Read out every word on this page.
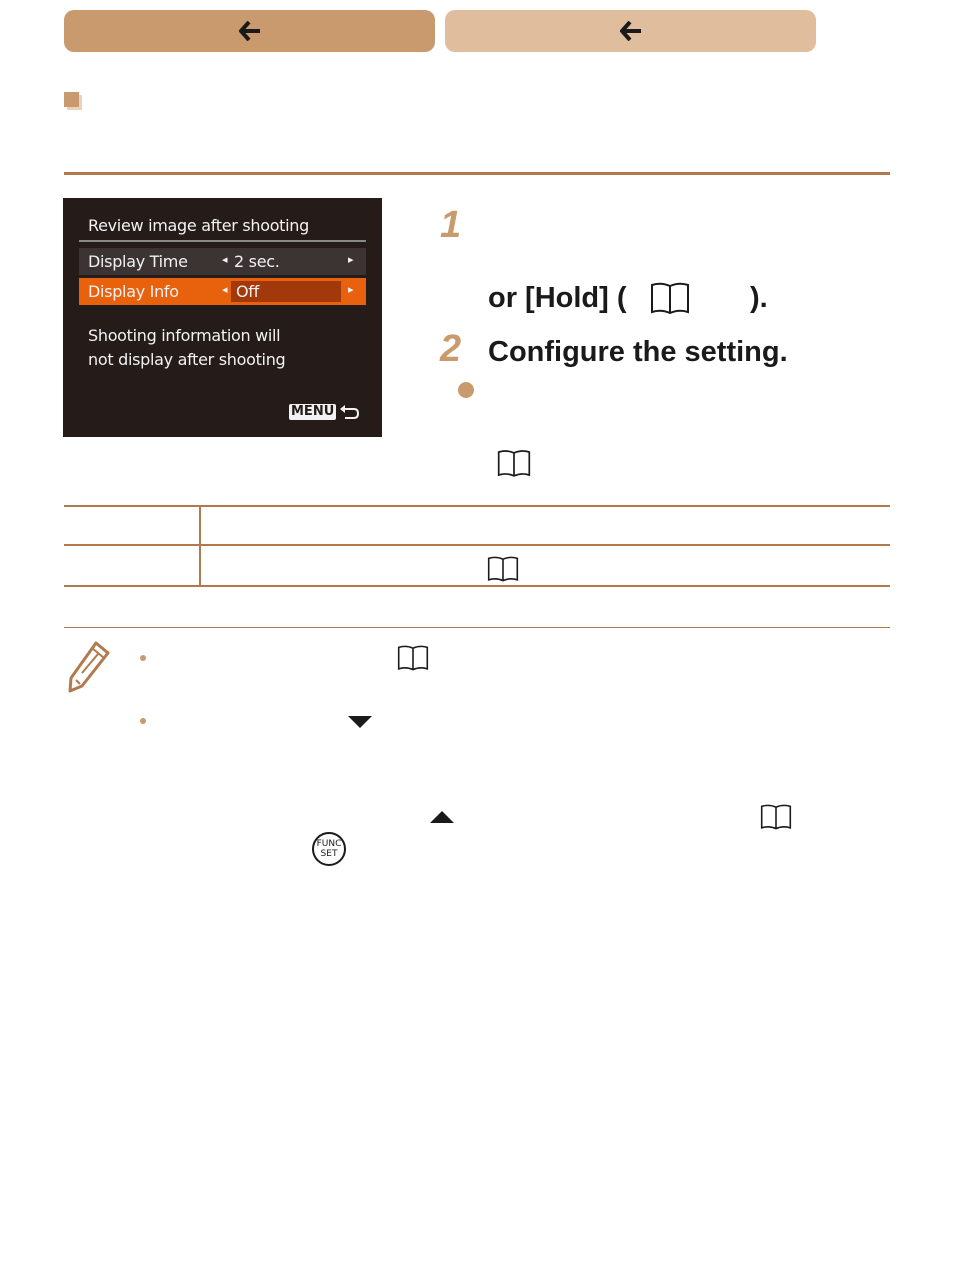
Review image after shooting
Display Time	◂ 2 sec.	▸
Display Info	◂ Off	▸
Shooting information will
not display after shooting
MENU
1
or [Hold] (	).
2 Configure the setting.
FUNC
SET
